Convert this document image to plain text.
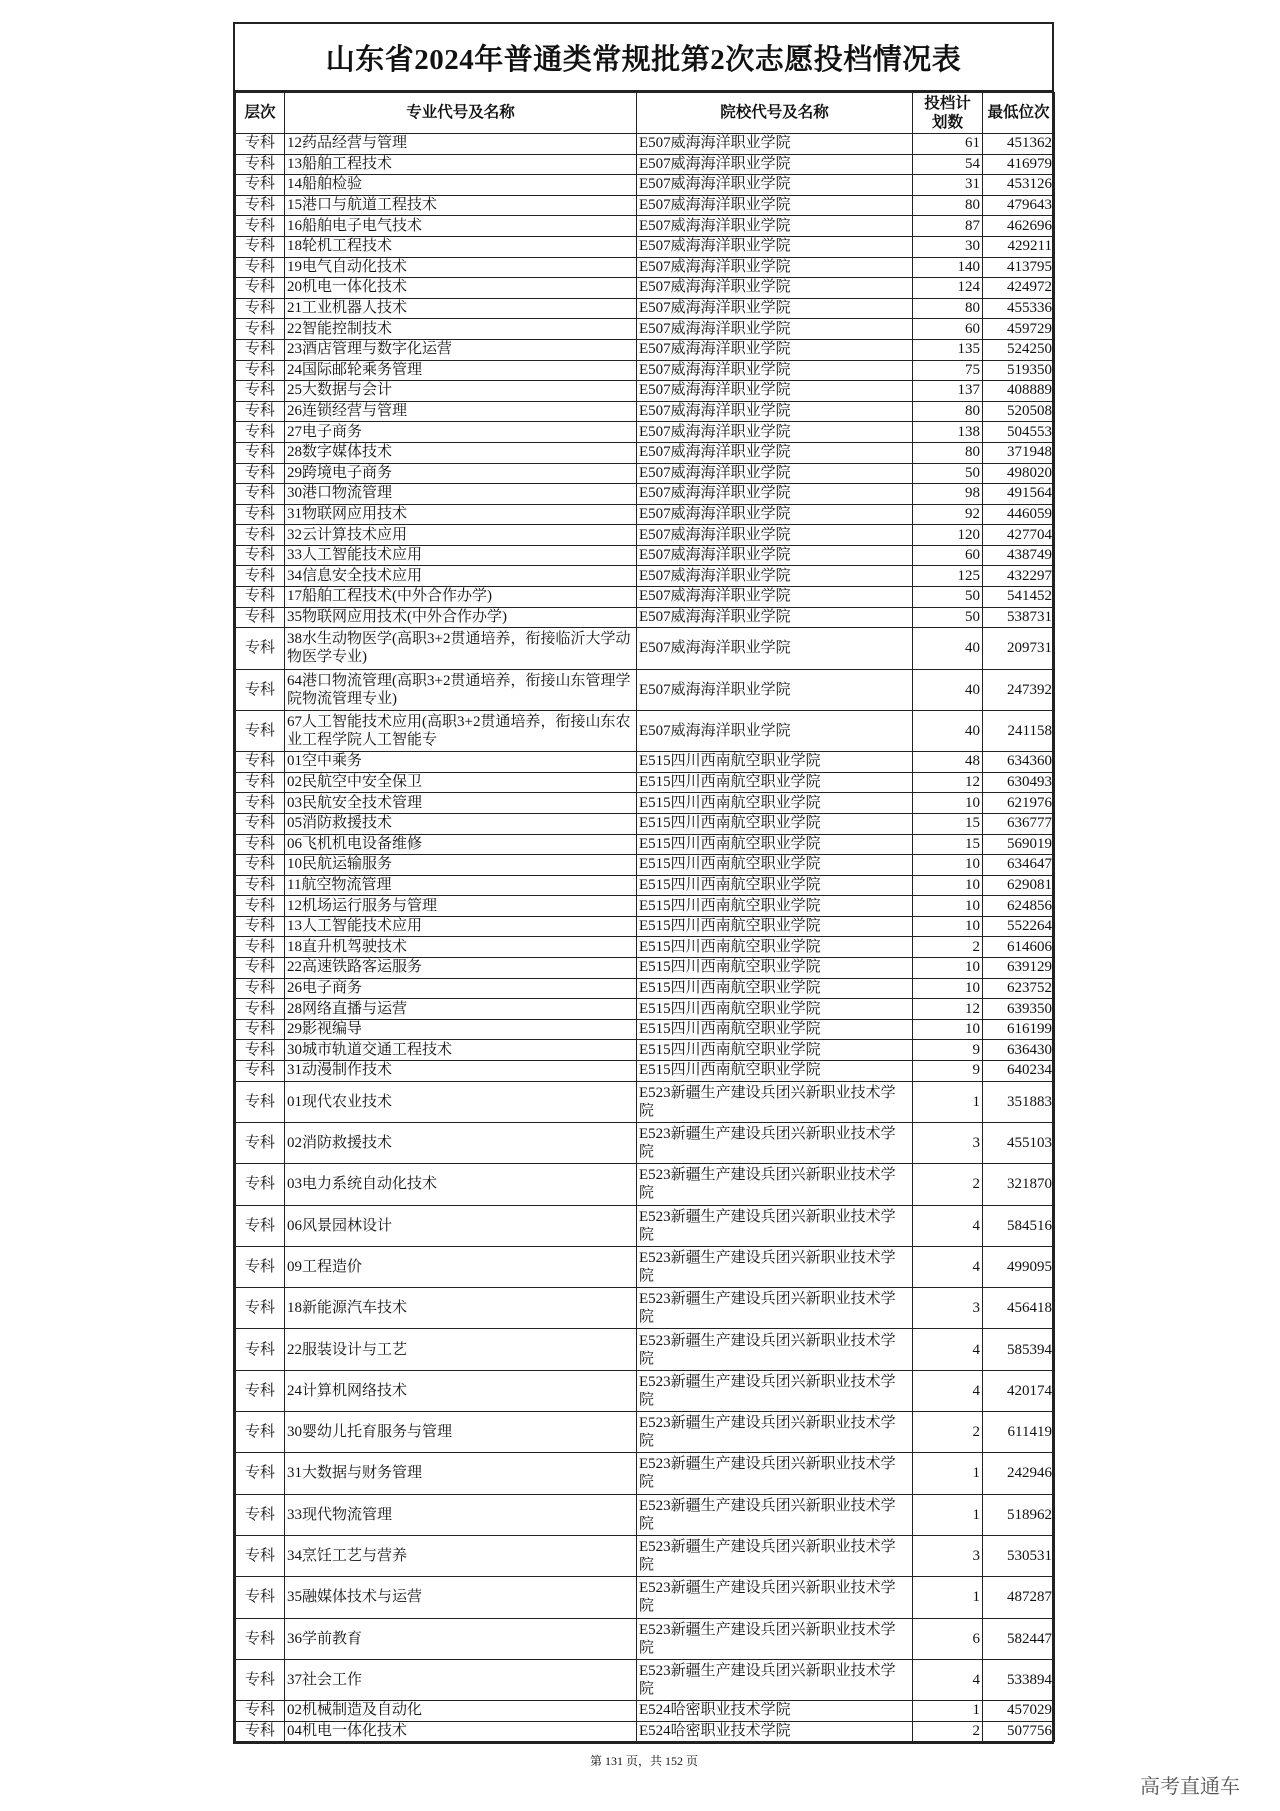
山东省2024年普通类常规批第2次志愿投档情况表
层次	专业代号及名称	院校代号及名称	投档计划数	最低位次
专科	12药品经营与管理	E507威海海洋职业学院	61	451362
专科	13船舶工程技术	E507威海海洋职业学院	54	416979
专科	14船舶检验	E507威海海洋职业学院	31	453126
专科	15港口与航道工程技术	E507威海海洋职业学院	80	479643
专科	16船舶电子电气技术	E507威海海洋职业学院	87	462696
专科	18轮机工程技术	E507威海海洋职业学院	30	429211
专科	19电气自动化技术	E507威海海洋职业学院	140	413795
专科	20机电一体化技术	E507威海海洋职业学院	124	424972
专科	21工业机器人技术	E507威海海洋职业学院	80	455336
专科	22智能控制技术	E507威海海洋职业学院	60	459729
专科	23酒店管理与数字化运营	E507威海海洋职业学院	135	524250
专科	24国际邮轮乘务管理	E507威海海洋职业学院	75	519350
专科	25大数据与会计	E507威海海洋职业学院	137	408889
专科	26连锁经营与管理	E507威海海洋职业学院	80	520508
专科	27电子商务	E507威海海洋职业学院	138	504553
专科	28数字媒体技术	E507威海海洋职业学院	80	371948
专科	29跨境电子商务	E507威海海洋职业学院	50	498020
专科	30港口物流管理	E507威海海洋职业学院	98	491564
专科	31物联网应用技术	E507威海海洋职业学院	92	446059
专科	32云计算技术应用	E507威海海洋职业学院	120	427704
专科	33人工智能技术应用	E507威海海洋职业学院	60	438749
专科	34信息安全技术应用	E507威海海洋职业学院	125	432297
专科	17船舶工程技术(中外合作办学)	E507威海海洋职业学院	50	541452
专科	35物联网应用技术(中外合作办学)	E507威海海洋职业学院	50	538731
专科	38水生动物医学(高职3+2贯通培养，衔接临沂大学动物医学专业)	E507威海海洋职业学院	40	209731
专科	64港口物流管理(高职3+2贯通培养，衔接山东管理学院物流管理专业)	E507威海海洋职业学院	40	247392
专科	67人工智能技术应用(高职3+2贯通培养，衔接山东农业工程学院人工智能专	E507威海海洋职业学院	40	241158
专科	01空中乘务	E515四川西南航空职业学院	48	634360
专科	02民航空中安全保卫	E515四川西南航空职业学院	12	630493
专科	03民航安全技术管理	E515四川西南航空职业学院	10	621976
专科	05消防救援技术	E515四川西南航空职业学院	15	636777
专科	06飞机机电设备维修	E515四川西南航空职业学院	15	569019
专科	10民航运输服务	E515四川西南航空职业学院	10	634647
专科	11航空物流管理	E515四川西南航空职业学院	10	629081
专科	12机场运行服务与管理	E515四川西南航空职业学院	10	624856
专科	13人工智能技术应用	E515四川西南航空职业学院	10	552264
专科	18直升机驾驶技术	E515四川西南航空职业学院	2	614606
专科	22高速铁路客运服务	E515四川西南航空职业学院	10	639129
专科	26电子商务	E515四川西南航空职业学院	10	623752
专科	28网络直播与运营	E515四川西南航空职业学院	12	639350
专科	29影视编导	E515四川西南航空职业学院	10	616199
专科	30城市轨道交通工程技术	E515四川西南航空职业学院	9	636430
专科	31动漫制作技术	E515四川西南航空职业学院	9	640234
专科	01现代农业技术	E523新疆生产建设兵团兴新职业技术学院	1	351883
专科	02消防救援技术	E523新疆生产建设兵团兴新职业技术学院	3	455103
专科	03电力系统自动化技术	E523新疆生产建设兵团兴新职业技术学院	2	321870
专科	06风景园林设计	E523新疆生产建设兵团兴新职业技术学院	4	584516
专科	09工程造价	E523新疆生产建设兵团兴新职业技术学院	4	499095
专科	18新能源汽车技术	E523新疆生产建设兵团兴新职业技术学院	3	456418
专科	22服装设计与工艺	E523新疆生产建设兵团兴新职业技术学院	4	585394
专科	24计算机网络技术	E523新疆生产建设兵团兴新职业技术学院	4	420174
专科	30婴幼儿托育服务与管理	E523新疆生产建设兵团兴新职业技术学院	2	611419
专科	31大数据与财务管理	E523新疆生产建设兵团兴新职业技术学院	1	242946
专科	33现代物流管理	E523新疆生产建设兵团兴新职业技术学院	1	518962
专科	34烹饪工艺与营养	E523新疆生产建设兵团兴新职业技术学院	3	530531
专科	35融媒体技术与运营	E523新疆生产建设兵团兴新职业技术学院	1	487287
专科	36学前教育	E523新疆生产建设兵团兴新职业技术学院	6	582447
专科	37社会工作	E523新疆生产建设兵团兴新职业技术学院	4	533894
专科	02机械制造及自动化	E524哈密职业技术学院	1	457029
专科	04机电一体化技术	E524哈密职业技术学院	2	507756
第 131 页，共 152 页
高考直通车
